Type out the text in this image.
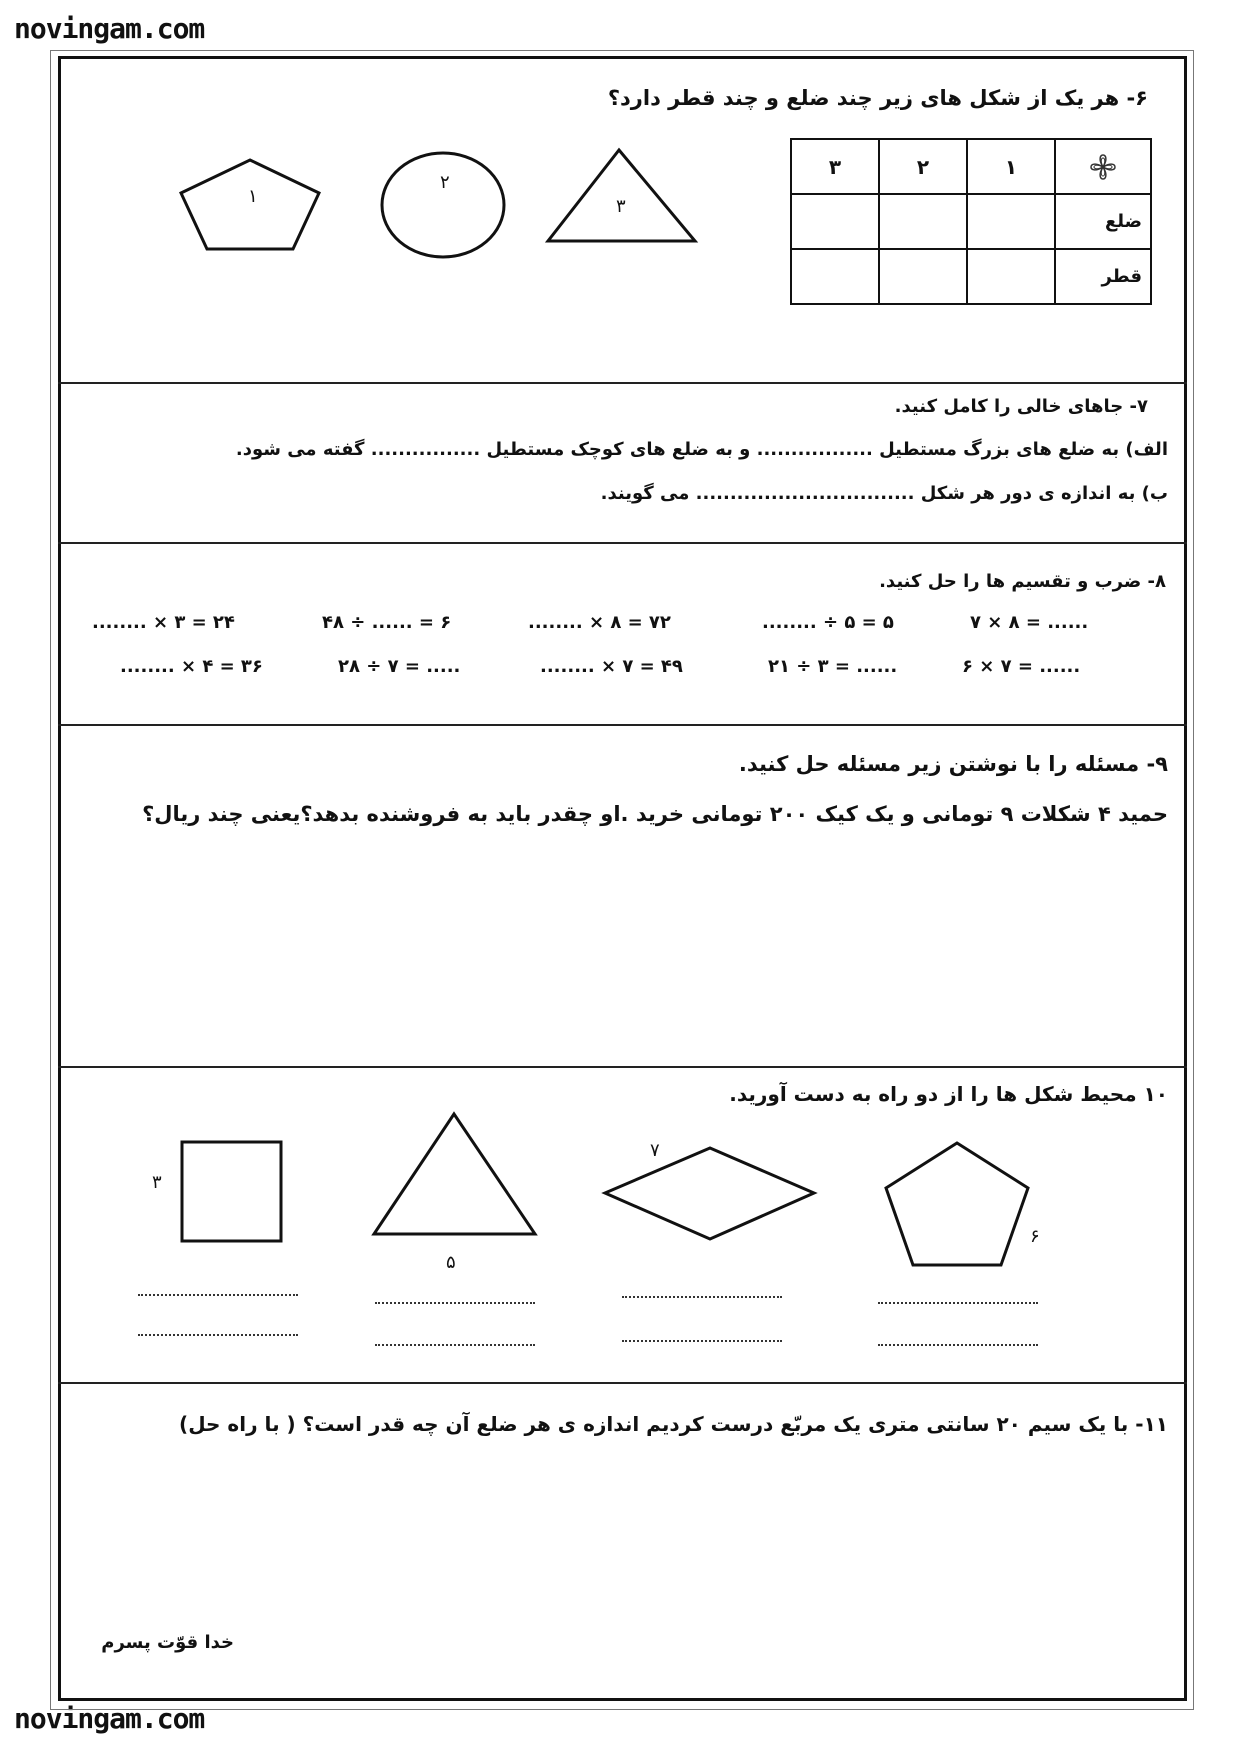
novingam.com
novingam.com
۶- هر یک از شکل های زیر چند ضلع و چند قطر دارد؟
۱
۲
۳
	۱	۲	۳
ضلع			
قطر			
۷- جاهای خالی را کامل کنید.
الف) به ضلع های بزرگ مستطیل ................. و به ضلع های کوچک مستطیل ................ گفته می شود.
ب) به اندازه ی دور هر شکل ................................ می گویند.
۸- ضرب و تقسیم ها را حل کنید.
۷ × ۸ = ......
........ ÷ ۵ = ۵
........ × ۸ = ۷۲
۴۸ ÷ ...... = ۶
........ × ۳ = ۲۴
۶ × ۷ = ......
۲۱ ÷ ۳ = ......
........ × ۷ = ۴۹
۲۸ ÷ ۷ = .....
........ × ۴ = ۳۶
۹- مسئله را با نوشتن زیر مسئله حل کنید.
حمید ۴ شکلات ۹ تومانی و یک کیک ۲۰۰ تومانی خرید .او چقدر باید به فروشنده بدهد؟یعنی چند ریال؟
۱۰ محیط شکل ها را از دو راه به دست آورید.
۶
۷
۵
۳
۱۱- با یک سیم ۲۰ سانتی متری یک مربّع درست کردیم اندازه ی هر ضلع آن چه قدر است؟ ( با راه حل)
خدا قوّت پسرم
